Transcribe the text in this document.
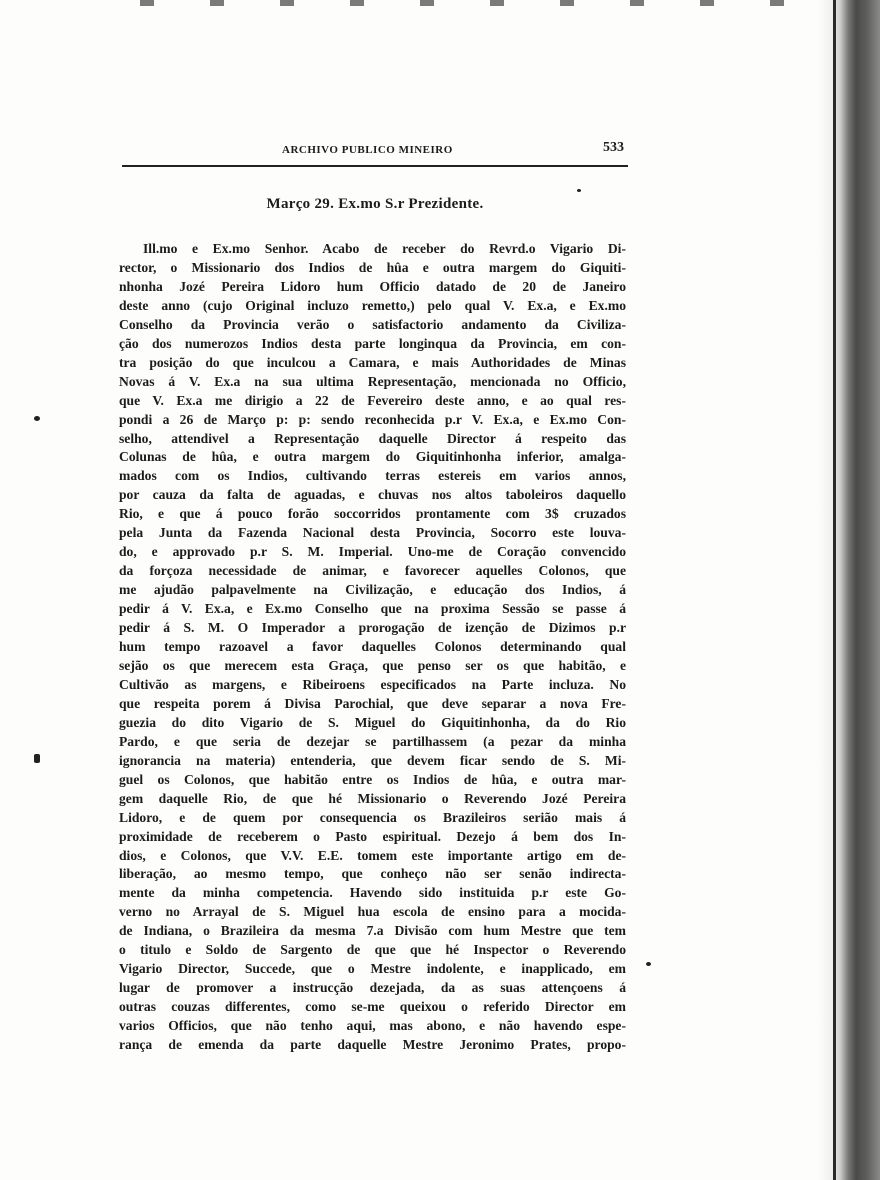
ARCHIVO PUBLICO MINEIRO	533
Março 29. Ex.mo S.r Prezidente.
Ill.mo e Ex.mo Senhor. Acabo de receber do Revrd.o Vigario Di-
rector, o Missionario dos Indios de hûa e outra margem do Giquiti-
nhonha Jozé Pereira Lidoro hum Officio datado de 20 de Janeiro
deste anno (cujo Original incluzo remetto,) pelo qual V. Ex.a, e Ex.mo
Conselho da Provincia verão o satisfactorio andamento da Civiliza-
ção dos numerozos Indios desta parte longinqua da Provincia, em con-
tra posição do que inculcou a Camara, e mais Authoridades de Minas
Novas á V. Ex.a na sua ultima Representação, mencionada no Officio,
que V. Ex.a me dirigio a 22 de Fevereiro deste anno, e ao qual res-
pondi a 26 de Março p: p: sendo reconhecida p.r V. Ex.a, e Ex.mo Con-
selho, attendivel a Representação daquelle Director á respeito das
Colunas de hûa, e outra margem do Giquitinhonha inferior, amalga-
mados com os Indios, cultivando terras estereis em varios annos,
por cauza da falta de aguadas, e chuvas nos altos taboleiros daquello
Rio, e que á pouco forão soccorridos prontamente com 3$ cruzados
pela Junta da Fazenda Nacional desta Provincia, Socorro este louva-
do, e approvado p.r S. M. Imperial. Uno-me de Coração convencido
da forçoza necessidade de animar, e favorecer aquelles Colonos, que
me ajudão palpavelmente na Civilização, e educação dos Indios, á
pedir á V. Ex.a, e Ex.mo Conselho que na proxima Sessão se passe á
pedir á S. M. O Imperador a prorogação de izenção de Dizimos p.r
hum tempo razoavel a favor daquelles Colonos determinando qual
sejão os que merecem esta Graça, que penso ser os que habitão, e
Cultivão as margens, e Ribeiroens especificados na Parte incluza. No
que respeita porem á Divisa Parochial, que deve separar a nova Fre-
guezia do dito Vigario de S. Miguel do Giquitinhonha, da do Rio
Pardo, e que seria de dezejar se partilhassem (a pezar da minha
ignorancia na materia) entenderia, que devem ficar sendo de S. Mi-
guel os Colonos, que habitão entre os Indios de hûa, e outra mar-
gem daquelle Rio, de que hé Missionario o Reverendo Jozé Pereira
Lidoro, e de quem por consequencia os Brazileiros serião mais á
proximidade de receberem o Pasto espiritual. Dezejo á bem dos In-
dios, e Colonos, que V.V. E.E. tomem este importante artigo em de-
liberação, ao mesmo tempo, que conheço não ser senão indirecta-
mente da minha competencia. Havendo sido instituida p.r este Go-
verno no Arrayal de S. Miguel hua escola de ensino para a mocida-
de Indiana, o Brazileira da mesma 7.a Divisão com hum Mestre que tem
o titulo e Soldo de Sargento de que que hé Inspector o Reverendo
Vigario Director, Succede, que o Mestre indolente, e inapplicado, em
lugar de promover a instrucção dezejada, da as suas attençoens á
outras couzas differentes, como se-me queixou o referido Director em
varios Officios, que não tenho aqui, mas abono, e não havendo espe-
rança de emenda da parte daquelle Mestre Jeronimo Prates, propo-
